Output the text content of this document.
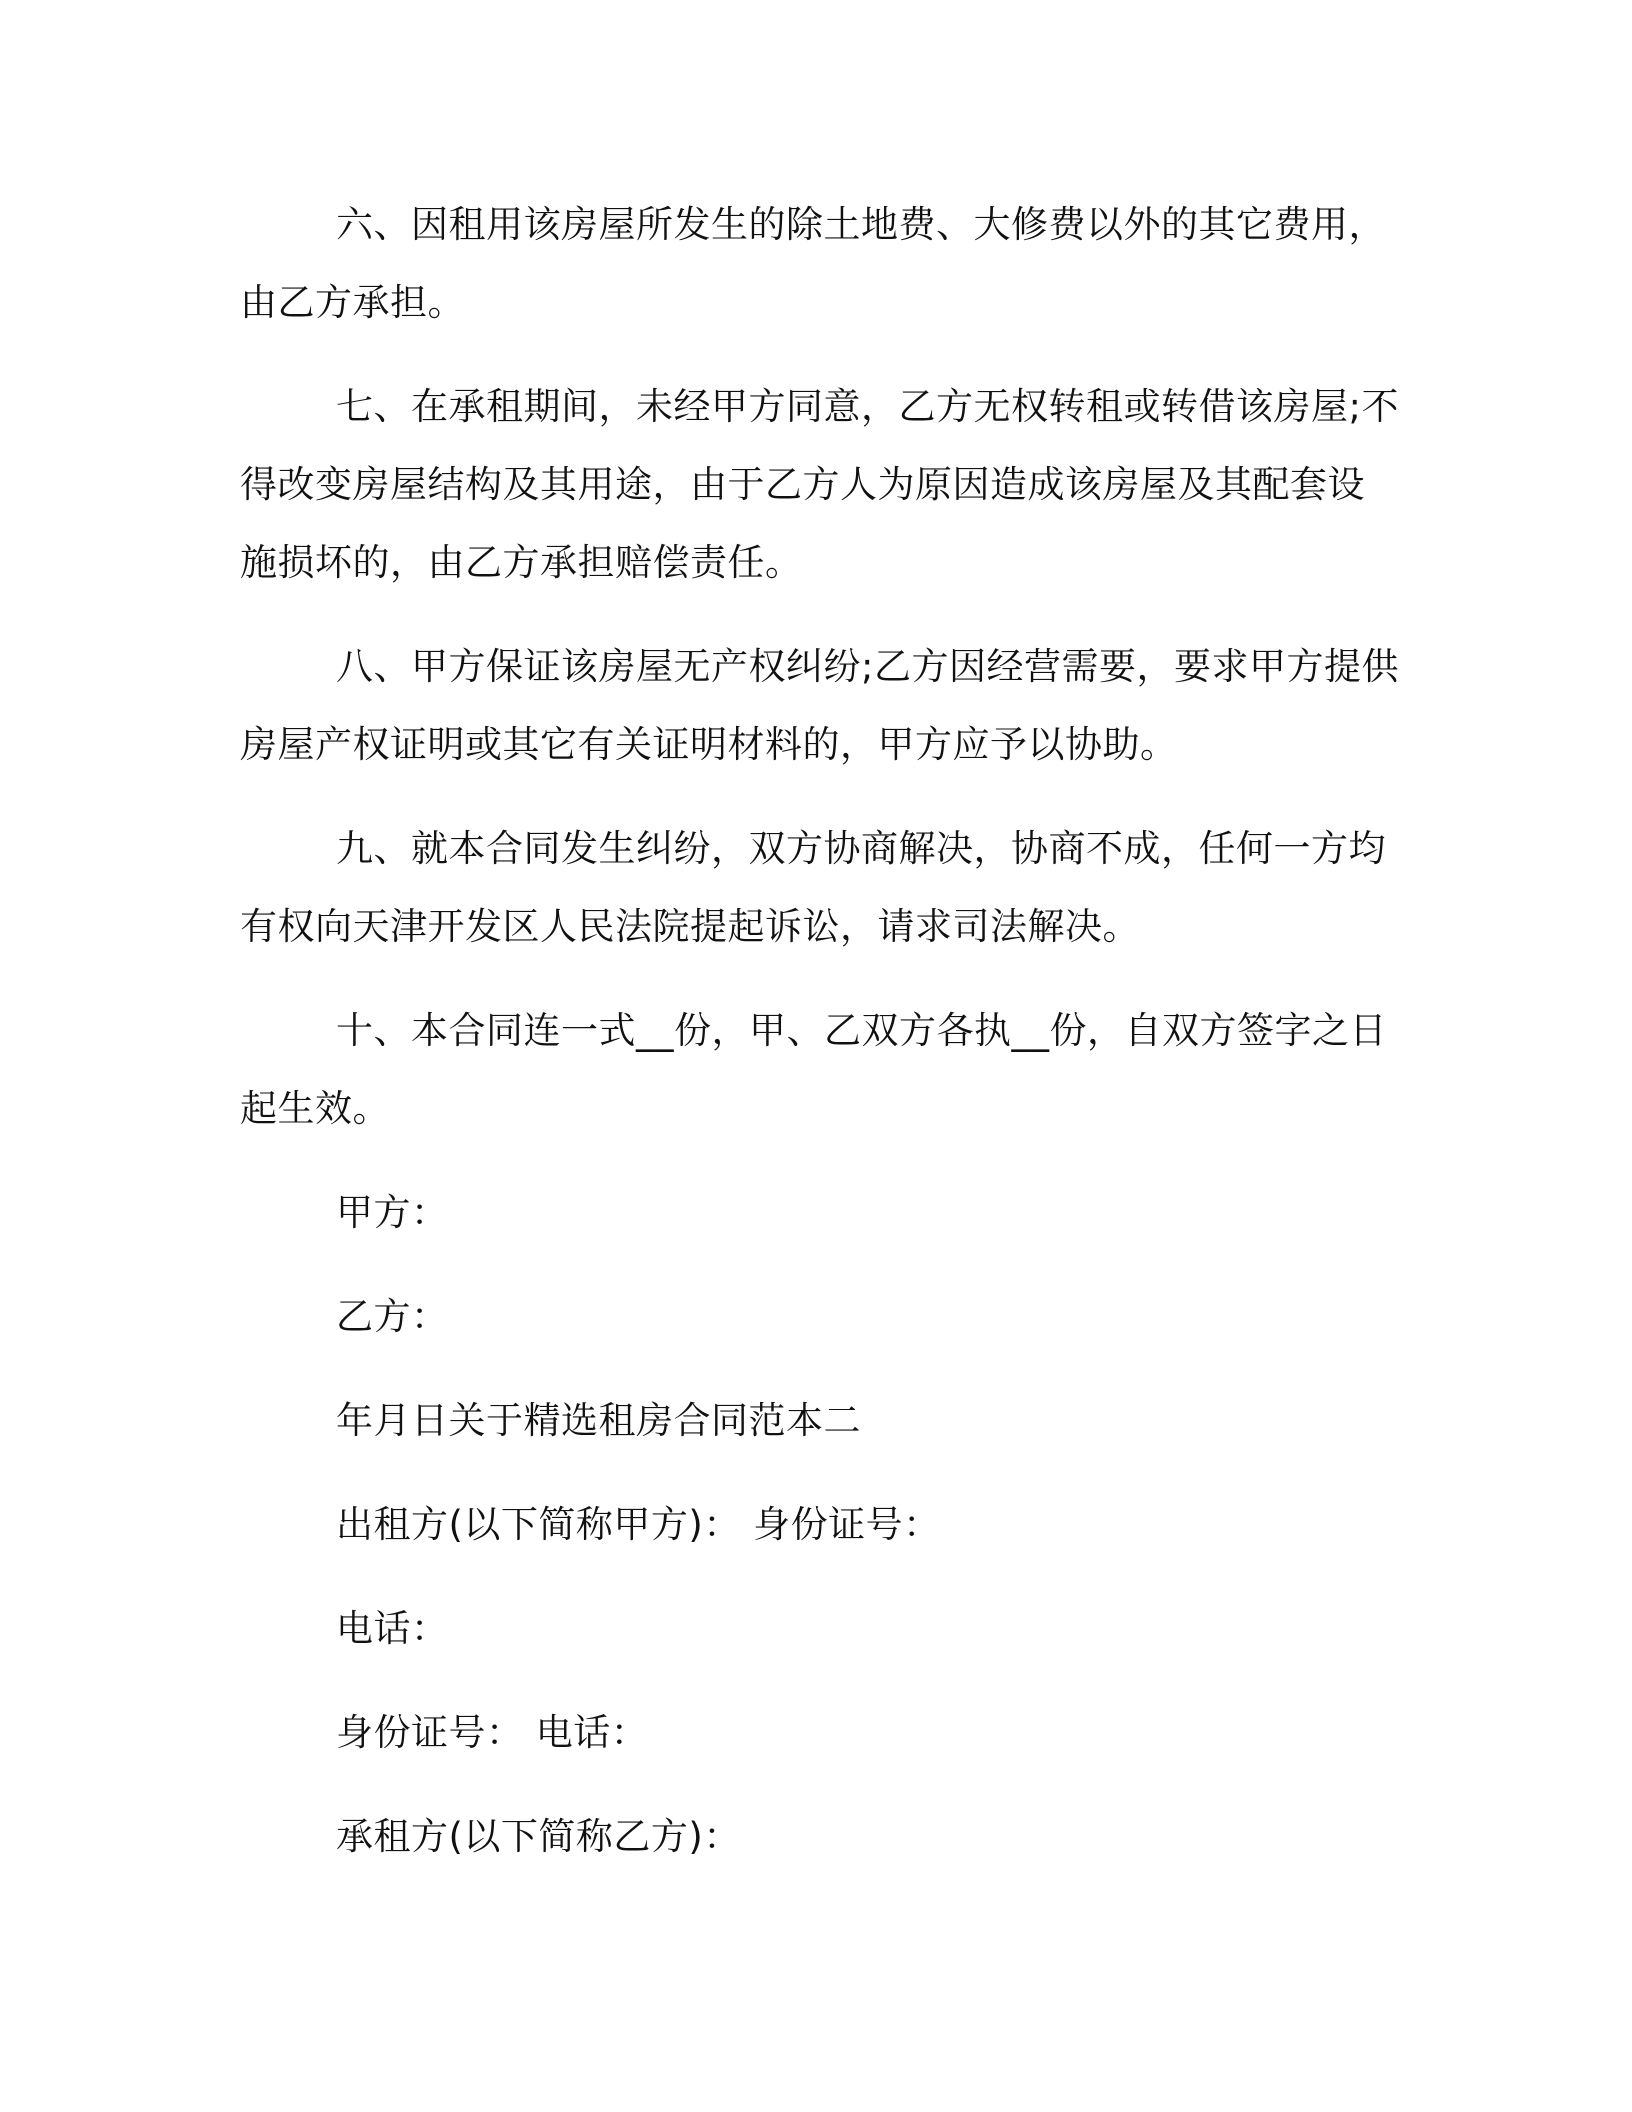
六、因租用该房屋所发生的除土地费、大修费以外的其它费用，由乙方承担。

七、在承租期间，未经甲方同意，乙方无权转租或转借该房屋;不得改变房屋结构及其用途，由于乙方人为原因造成该房屋及其配套设施损坏的，由乙方承担赔偿责任。

八、甲方保证该房屋无产权纠纷;乙方因经营需要，要求甲方提供房屋产权证明或其它有关证明材料的，甲方应予以协助。

九、就本合同发生纠纷，双方协商解决，协商不成，任何一方均有权向天津开发区人民法院提起诉讼，请求司法解决。

十、本合同连一式__份，甲、乙双方各执__份，自双方签字之日起生效。

甲方：

乙方：

年月日关于精选租房合同范本二

出租方(以下简称甲方)： 身份证号：

电话：

身份证号： 电话：

承租方(以下简称乙方)：
